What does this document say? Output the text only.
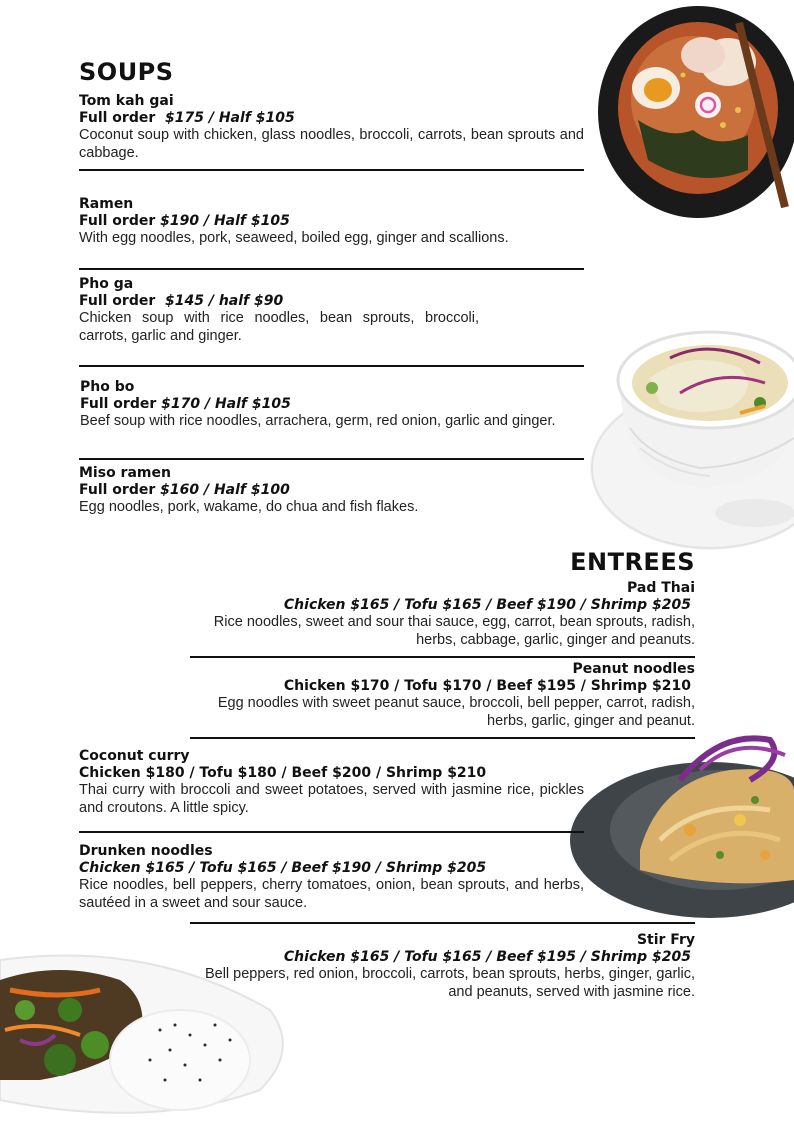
SOUPS

Tom kah gai

Full order $175 / Half $105

Coconut soup with chicken, glass noodles, broccoli, carrots, bean sprouts and cabbage.

Ramen

Full order $190 / Half $105

With egg noodles, pork, seaweed, boiled egg, ginger and scallions.

Pho ga

Full order $145 / half $90

Chicken soup with rice noodles, bean sprouts, broccoli, carrots, garlic and ginger.

Pho bo

Full order $170 / Half $105

Beef soup with rice noodles, arrachera, germ, red onion, garlic and ginger.

Miso ramen

Full order $160 / Half $100

Egg noodles, pork, wakame, do chua and fish flakes.

ENTREES

Pad Thai

Chicken $165 / Tofu $165 / Beef $190 / Shrimp $205

Rice noodles, sweet and sour thai sauce, egg, carrot, bean sprouts, radish, herbs, cabbage, garlic, ginger and peanuts.

Peanut noodles

Chicken $170 / Tofu $170 / Beef $195 / Shrimp $210

Egg noodles with sweet peanut sauce, broccoli, bell pepper, carrot, radish, herbs, garlic, ginger and peanut.

Coconut curry

Chicken $180 / Tofu $180 / Beef $200 / Shrimp $210

Thai curry with broccoli and sweet potatoes, served with jasmine rice, pickles and croutons. A little spicy.

Drunken noodles

Chicken $165 / Tofu $165 / Beef $190 / Shrimp $205

Rice noodles, bell peppers, cherry tomatoes, onion, bean sprouts, and herbs, sautéed in a sweet and sour sauce.

Stir Fry

Chicken $165 / Tofu $165 / Beef $195 / Shrimp $205

Bell peppers, red onion, broccoli, carrots, bean sprouts, herbs, ginger, garlic, and peanuts, served with jasmine rice.
